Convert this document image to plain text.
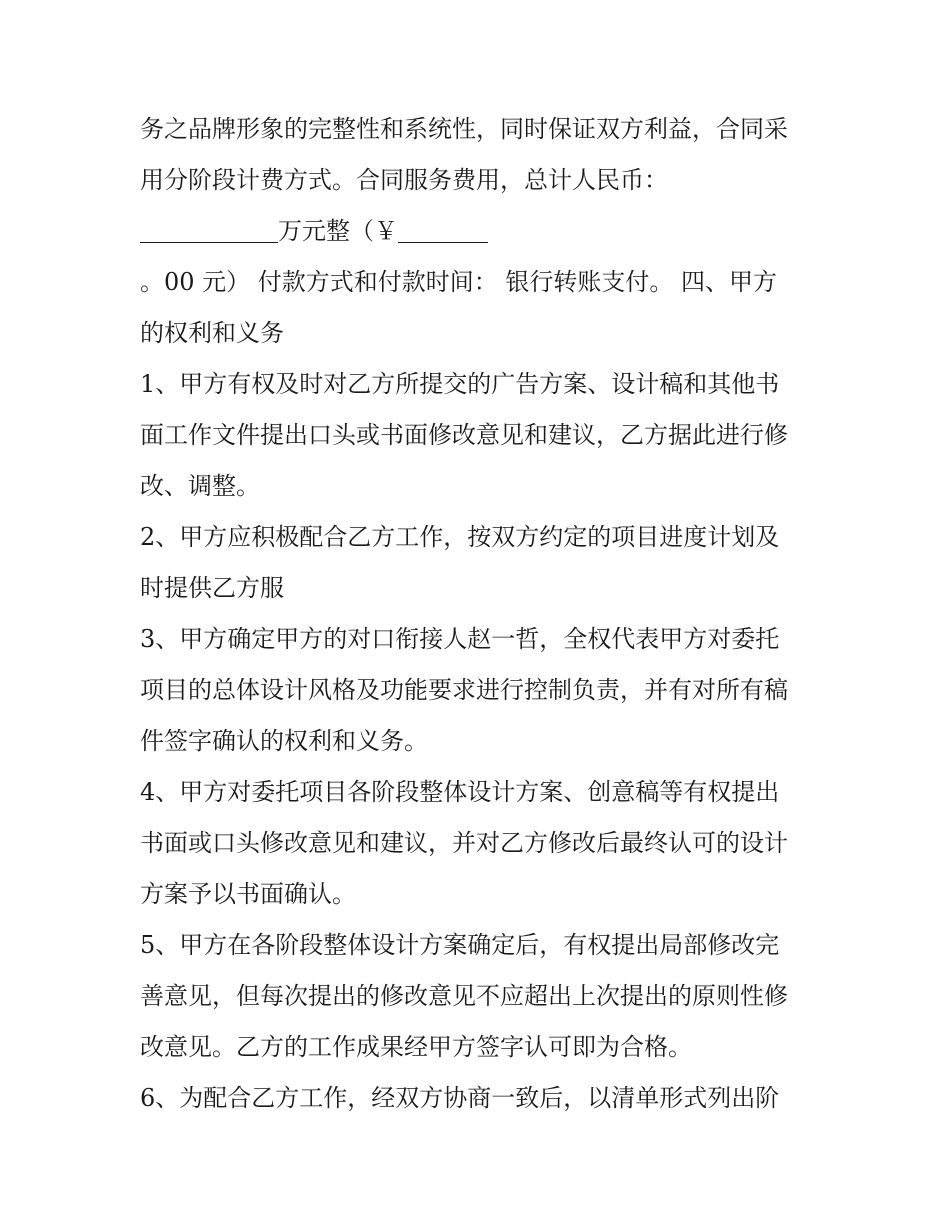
务之品牌形象的完整性和系统性，同时保证双方利益，合同采
用分阶段计费方式。合同服务费用，总计人民币：
万元整（￥
。00 元） 付款方式和付款时间： 银行转账支付。 四、甲方
的权利和义务
1、甲方有权及时对乙方所提交的广告方案、设计稿和其他书
面工作文件提出口头或书面修改意见和建议，乙方据此进行修
改、调整。
2、甲方应积极配合乙方工作，按双方约定的项目进度计划及
时提供乙方服
3、甲方确定甲方的对口衔接人赵一哲，全权代表甲方对委托
项目的总体设计风格及功能要求进行控制负责，并有对所有稿
件签字确认的权利和义务。
4、甲方对委托项目各阶段整体设计方案、创意稿等有权提出
书面或口头修改意见和建议，并对乙方修改后最终认可的设计
方案予以书面确认。
5、甲方在各阶段整体设计方案确定后，有权提出局部修改完
善意见，但每次提出的修改意见不应超出上次提出的原则性修
改意见。乙方的工作成果经甲方签字认可即为合格。
6、为配合乙方工作，经双方协商一致后，以清单形式列出阶
